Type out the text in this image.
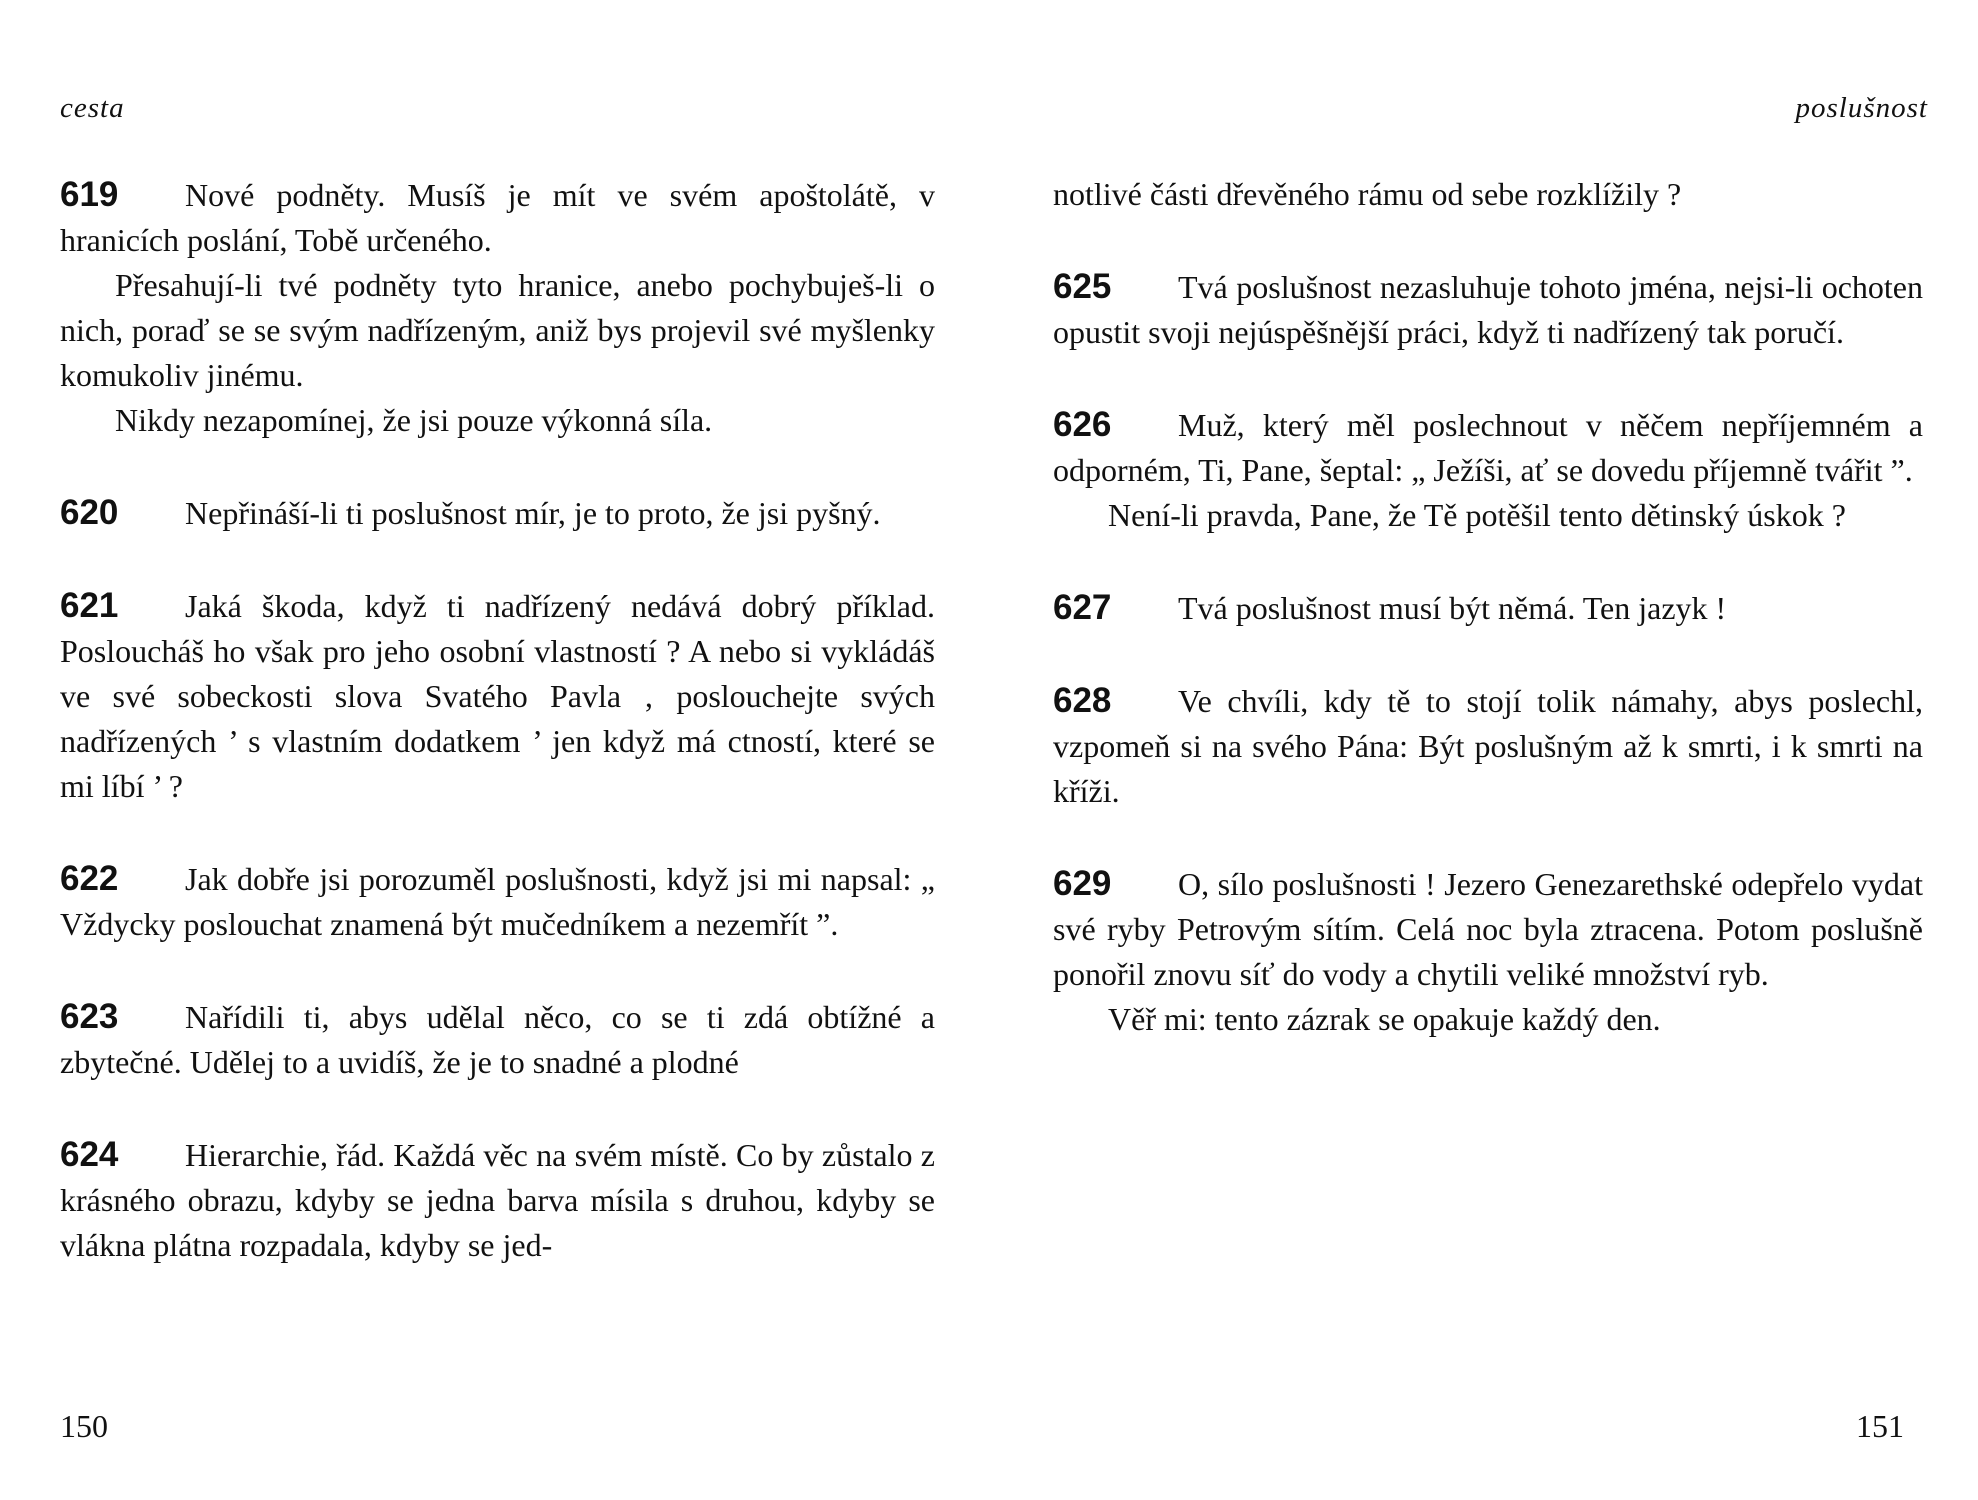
cesta

619 Nové podněty. Musíš je mít ve svém apoštolátě, v hranicích poslání, Tobě určeného.

Přesahují-li tvé podněty tyto hranice, anebo pochybuješ-li o nich, poraď se se svým nadřízeným, aniž bys projevil své myšlenky komukoliv jinému.

Nikdy nezapomínej, že jsi pouze výkonná síla.

620 Nepřináší-li ti poslušnost mír, je to proto, že jsi pyšný.

621 Jaká škoda, když ti nadřízený nedává dobrý příklad. Posloucháš ho však pro jeho osobní vlastností ? A nebo si vykládáš ve své sobeckosti slova Svatého Pavla ‚ poslouchejte svých nadřízených ’ s vlastním dodatkem ’ jen když má ctností, které se mi líbí ’ ?

622 Jak dobře jsi porozuměl poslušnosti, když jsi mi napsal: „ Vždycky poslouchat znamená být mučedníkem a nezemřít ”.

623 Nařídili ti, abys udělal něco, co se ti zdá obtížné a zbytečné. Udělej to a uvidíš, že je to snadné a plodné

624 Hierarchie, řád. Každá věc na svém místě. Co by zůstalo z krásného obrazu, kdyby se jedna barva mísila s druhou, kdyby se vlákna plátna rozpadala, kdyby se jed-

150
poslušnost

notlivé části dřevěného rámu od sebe rozklížily ?

625 Tvá poslušnost nezasluhuje tohoto jména, nejsi-li ochoten opustit svoji nejúspěšnější práci, když ti nadřízený tak poručí.

626 Muž, který měl poslechnout v něčem nepříjemném a odporném, Ti, Pane, šeptal: „ Ježíši, ať se dovedu příjemně tvářit ”.

Není-li pravda, Pane, že Tě potěšil tento dětinský úskok ?

627 Tvá poslušnost musí být němá. Ten jazyk !

628 Ve chvíli, kdy tě to stojí tolik námahy, abys poslechl, vzpomeň si na svého Pána: Být poslušným až k smrti, i k smrti na kříži.

629 O, sílo poslušnosti ! Jezero Genezarethské odepřelo vydat své ryby Petrovým sítím. Celá noc byla ztracena. Potom poslušně ponořil znovu síť do vody a chytili veliké množství ryb.

Věř mi: tento zázrak se opakuje každý den.

151
